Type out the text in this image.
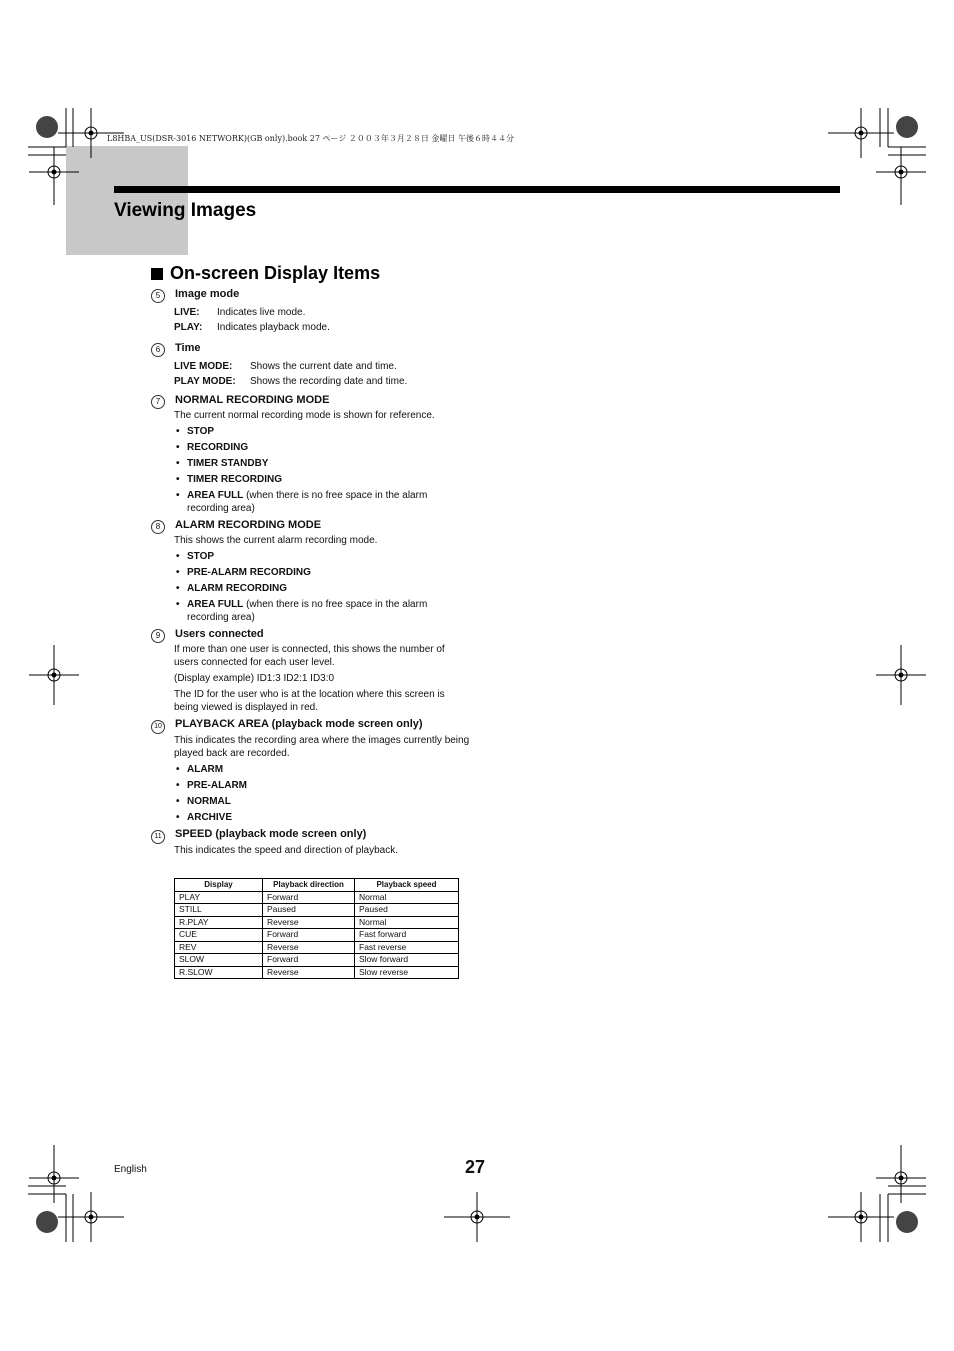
L8HBA_US(DSR-3016 NETWORK)(GB only).book 27 ページ ２００３年３月２８日 金曜日 午後６時４４分
Viewing Images
On-screen Display Items
5	Image mode
LIVE:	Indicates live mode.
PLAY:	Indicates playback mode.
6	Time
LIVE MODE:	Shows the current date and time.
PLAY MODE:	Shows the recording date and time.
7	NORMAL RECORDING MODE

The current normal recording mode is shown for reference.

• STOP
• RECORDING
• TIMER STANDBY
• TIMER RECORDING
• AREA FULL (when there is no free space in the alarm recording area)
8	ALARM RECORDING MODE

This shows the current alarm recording mode.

• STOP
• PRE-ALARM RECORDING
• ALARM RECORDING
• AREA FULL (when there is no free space in the alarm recording area)
9	Users connected

If more than one user is connected, this shows the number of users connected for each user level.

(Display example) ID1:3 ID2:1 ID3:0

The ID for the user who is at the location where this screen is being viewed is displayed in red.

10 PLAYBACK AREA (playback mode screen only)

This indicates the recording area where the images currently being played back are recorded.

• ALARM
• PRE-ALARM
• NORMAL
• ARCHIVE
11	SPEED (playback mode screen only)

This indicates the speed and direction of playback.

Display	Playback direction	Playback speed
PLAY	Forward	Normal
STILL	Paused	Paused
R.PLAY	Reverse	Normal
CUE	Forward	Fast forward
REV	Reverse	Fast reverse
SLOW	Forward	Slow forward
R.SLOW	Reverse	Slow reverse
English	27
